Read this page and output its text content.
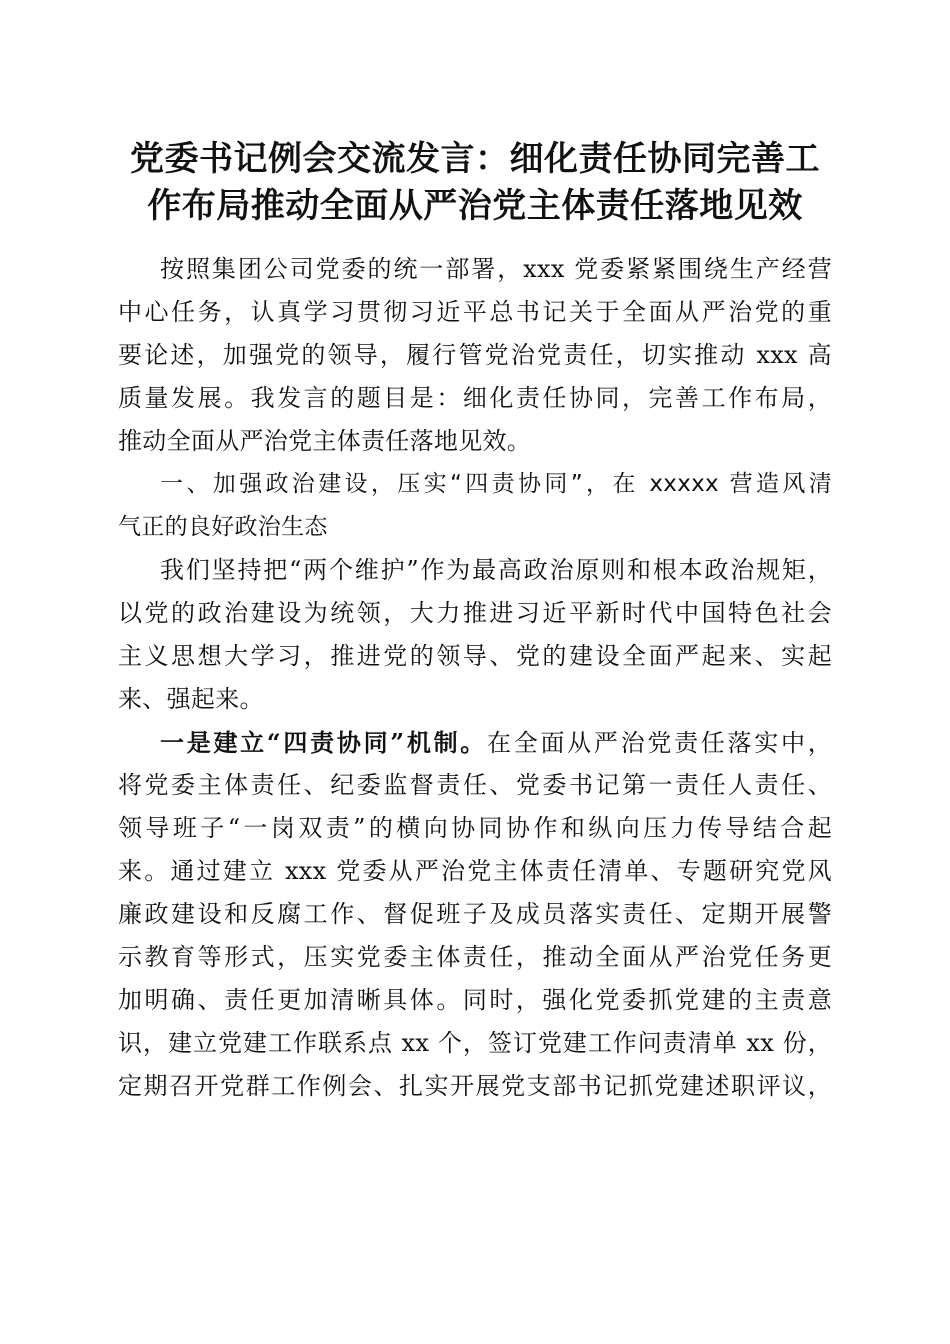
党委书记例会交流发言：细化责任协同完善工
作布局推动全面从严治党主体责任落地见效
按照集团公司党委的统一部署，xxx 党委紧紧围绕生产经营
中心任务，认真学习贯彻习近平总书记关于全面从严治党的重
要论述，加强党的领导，履行管党治党责任，切实推动 xxx 高
质量发展。我发言的题目是：细化责任协同，完善工作布局，
推动全面从严治党主体责任落地见效。
一、加强政治建设，压实“四责协同”，在 xxxxx 营造风清
气正的良好政治生态
我们坚持把“两个维护”作为最高政治原则和根本政治规矩，
以党的政治建设为统领，大力推进习近平新时代中国特色社会
主义思想大学习，推进党的领导、党的建设全面严起来、实起
来、强起来。
一是建立“四责协同”机制。在全面从严治党责任落实中，
将党委主体责任、纪委监督责任、党委书记第一责任人责任、
领导班子“一岗双责”的横向协同协作和纵向压力传导结合起
来。通过建立 xxx 党委从严治党主体责任清单、专题研究党风
廉政建设和反腐工作、督促班子及成员落实责任、定期开展警
示教育等形式，压实党委主体责任，推动全面从严治党任务更
加明确、责任更加清晰具体。同时，强化党委抓党建的主责意
识，建立党建工作联系点 xx 个，签订党建工作问责清单 xx 份，
定期召开党群工作例会、扎实开展党支部书记抓党建述职评议，
